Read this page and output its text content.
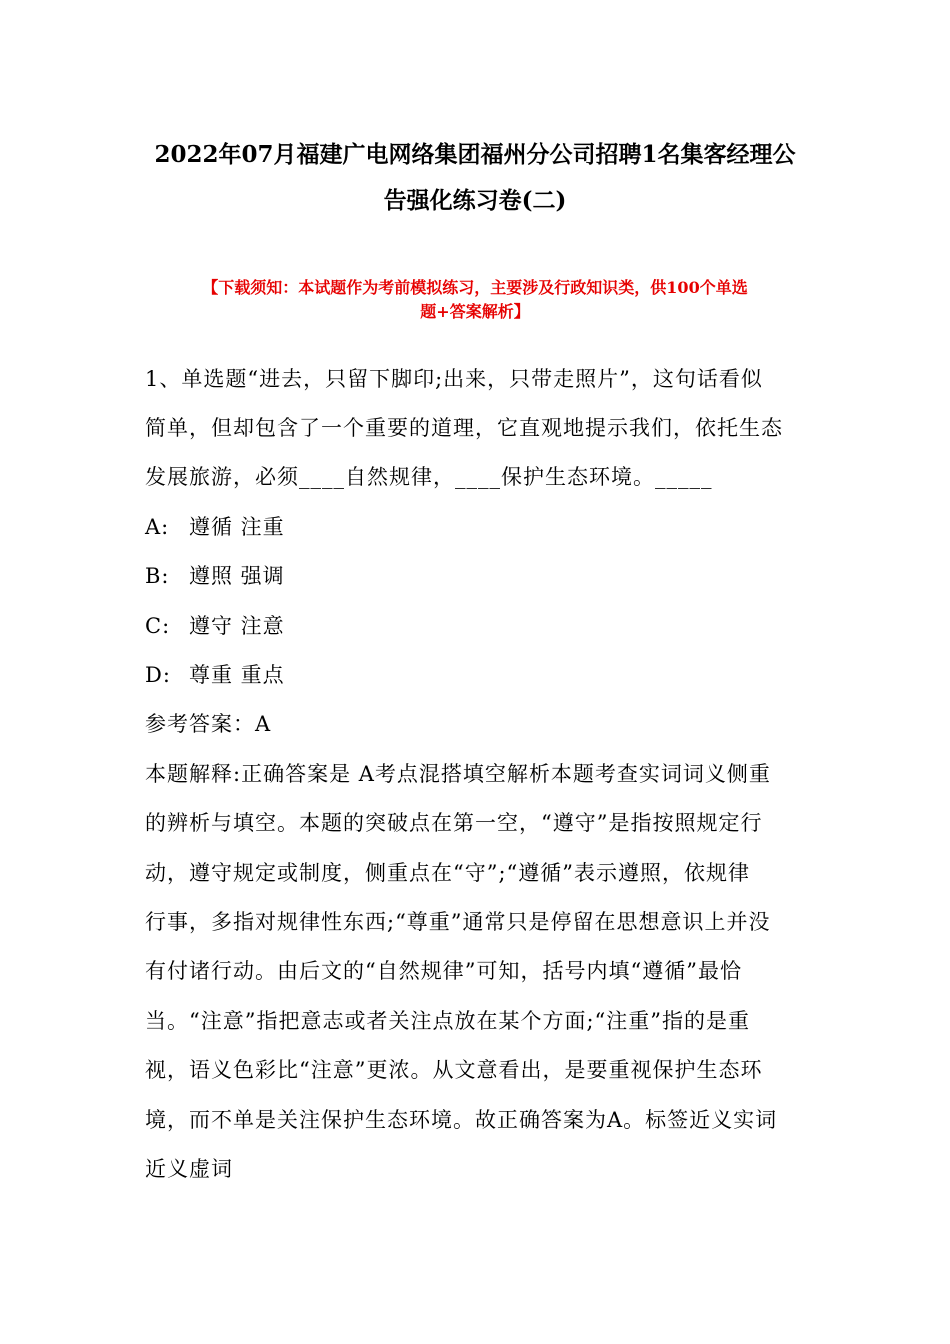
2022年07月福建广电网络集团福州分公司招聘1名集客经理公
告强化练习卷(二)

【下载须知：本试题作为考前模拟练习，主要涉及行政知识类，供100个单选

题+答案解析】

1、单选题“进去，只留下脚印;出来，只带走照片”，这句话看似

简单，但却包含了一个重要的道理，它直观地提示我们，依托生态

发展旅游，必须____自然规律，____保护生态环境。_____

A: 遵循 注重

B: 遵照 强调

C: 遵守 注意

D: 尊重 重点

参考答案：A

本题解释:正确答案是 A考点混搭填空解析本题考查实词词义侧重

的辨析与填空。本题的突破点在第一空，“遵守”是指按照规定行

动，遵守规定或制度，侧重点在“守”;“遵循”表示遵照，依规律

行事，多指对规律性东西;“尊重”通常只是停留在思想意识上并没

有付诸行动。由后文的“自然规律”可知，括号内填“遵循”最恰

当。“注意”指把意志或者关注点放在某个方面;“注重”指的是重

视，语义色彩比“注意”更浓。从文意看出，是要重视保护生态环

境，而不单是关注保护生态环境。故正确答案为A。标签近义实词

近义虚词
